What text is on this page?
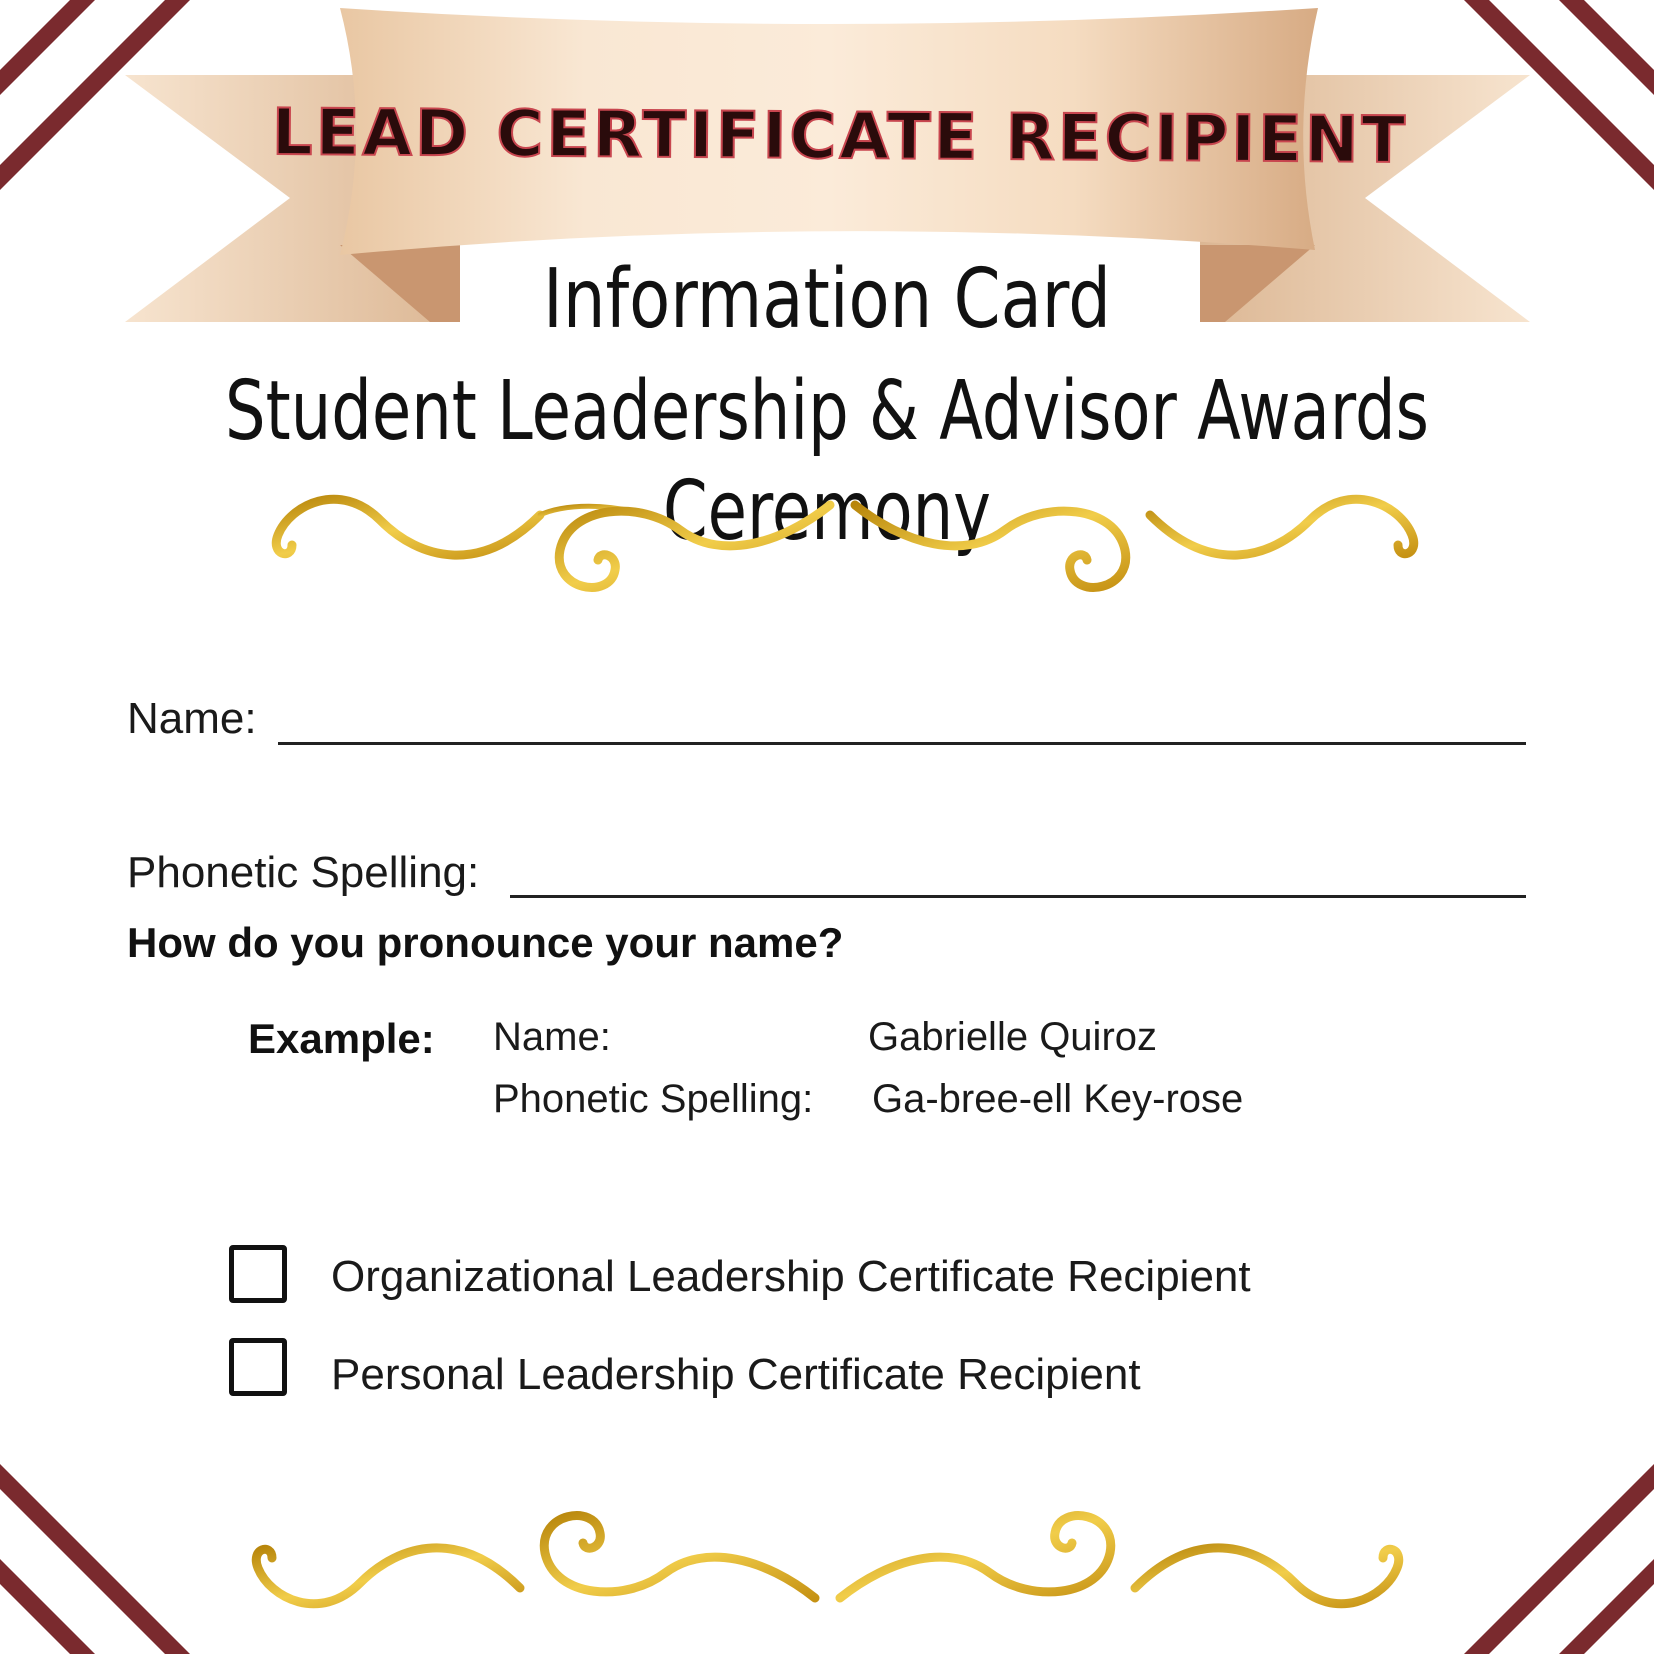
LEAD CERTIFICATE RECIPIENT
Information Card
Student Leadership & Advisor Awards Ceremony
Name:
Phonetic Spelling:
How do you pronounce your name?
Example: Name:	Gabrielle Quiroz
Phonetic Spelling: Ga-bree-ell Key-rose
Organizational Leadership Certificate Recipient
Personal Leadership Certificate Recipient
